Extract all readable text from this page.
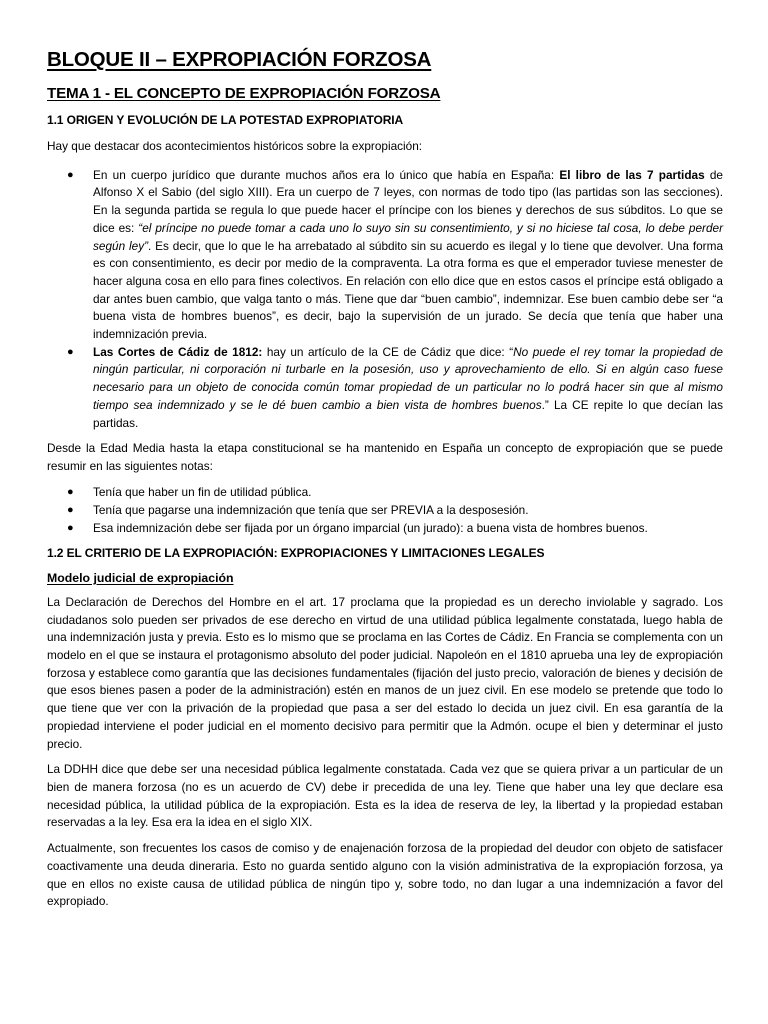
BLOQUE II – EXPROPIACIÓN FORZOSA
TEMA 1 - EL CONCEPTO DE EXPROPIACIÓN FORZOSA
1.1 ORIGEN Y EVOLUCIÓN DE LA POTESTAD EXPROPIATORIA

Hay que destacar dos acontecimientos históricos sobre la expropiación:

● En un cuerpo jurídico que durante muchos años era lo único que había en España: El libro de las 7 partidas de Alfonso X el Sabio (del siglo XIII). Era un cuerpo de 7 leyes, con normas de todo tipo (las partidas son las secciones). En la segunda partida se regula lo que puede hacer el príncipe con los bienes y derechos de sus súbditos. Lo que se dice es: “el príncipe no puede tomar a cada uno lo suyo sin su consentimiento, y si no hiciese tal cosa, lo debe perder según ley”. Es decir, que lo que le ha arrebatado al súbdito sin su acuerdo es ilegal y lo tiene que devolver. Una forma es con consentimiento, es decir por medio de la compraventa. La otra forma es que el emperador tuviese menester de hacer alguna cosa en ello para fines colectivos. En relación con ello dice que en estos casos el príncipe está obligado a dar antes buen cambio, que valga tanto o más. Tiene que dar “buen cambio”, indemnizar. Ese buen cambio debe ser “a buena vista de hombres buenos”, es decir, bajo la supervisión de un jurado. Se decía que tenía que haber una indemnización previa.
● Las Cortes de Cádiz de 1812: hay un artículo de la CE de Cádiz que dice: “No puede el rey tomar la propiedad de ningún particular, ni corporación ni turbarle en la posesión, uso y aprovechamiento de ello. Si en algún caso fuese necesario para un objeto de conocida común tomar propiedad de un particular no lo podrá hacer sin que al mismo tiempo sea indemnizado y se le dé buen cambio a bien vista de hombres buenos.” La CE repite lo que decían las partidas.

Desde la Edad Media hasta la etapa constitucional se ha mantenido en España un concepto de expropiación que se puede resumir en las siguientes notas:

● Tenía que haber un fin de utilidad pública.
● Tenía que pagarse una indemnización que tenía que ser PREVIA a la desposesión.
● Esa indemnización debe ser fijada por un órgano imparcial (un jurado): a buena vista de hombres buenos.
1.2 EL CRITERIO DE LA EXPROPIACIÓN: EXPROPIACIONES Y LIMITACIONES LEGALES
Modelo judicial de expropiación

La Declaración de Derechos del Hombre en el art. 17 proclama que la propiedad es un derecho inviolable y sagrado. Los ciudadanos solo pueden ser privados de ese derecho en virtud de una utilidad pública legalmente constatada, luego habla de una indemnización justa y previa. Esto es lo mismo que se proclama en las Cortes de Cádiz. En Francia se complementa con un modelo en el que se instaura el protagonismo absoluto del poder judicial. Napoleón en el 1810 aprueba una ley de expropiación forzosa y establece como garantía que las decisiones fundamentales (fijación del justo precio, valoración de bienes y decisión de que esos bienes pasen a poder de la administración) estén en manos de un juez civil. En ese modelo se pretende que todo lo que tiene que ver con la privación de la propiedad que pasa a ser del estado lo decida un juez civil. En esa garantía de la propiedad interviene el poder judicial en el momento decisivo para permitir que la Admón. ocupe el bien y determinar el justo precio.

La DDHH dice que debe ser una necesidad pública legalmente constatada. Cada vez que se quiera privar a un particular de un bien de manera forzosa (no es un acuerdo de CV) debe ir precedida de una ley. Tiene que haber una ley que declare esa necesidad pública, la utilidad pública de la expropiación. Esta es la idea de reserva de ley, la libertad y la propiedad estaban reservadas a la ley. Esa era la idea en el siglo XIX.

Actualmente, son frecuentes los casos de comiso y de enajenación forzosa de la propiedad del deudor con objeto de satisfacer coactivamente una deuda dineraria. Esto no guarda sentido alguno con la visión administrativa de la expropiación forzosa, ya que en ellos no existe causa de utilidad pública de ningún tipo y, sobre todo, no dan lugar a una indemnización a favor del expropiado.
